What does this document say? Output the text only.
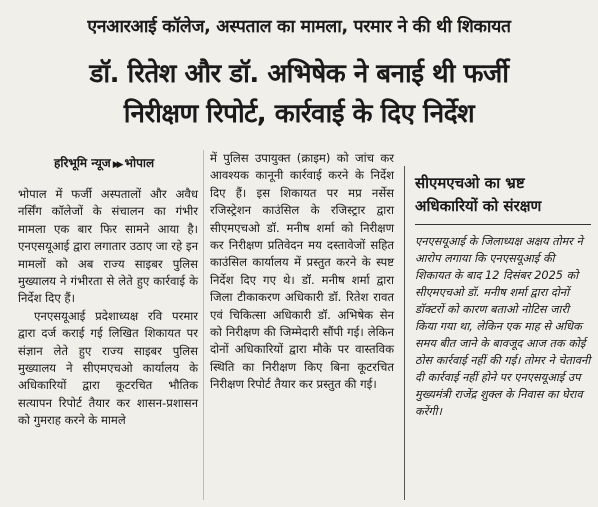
एनआरआई कॉलेज, अस्पताल का मामला, परमार ने की थी शिकायत
डॉ. रितेश और डॉ. अभिषेक ने बनाई थी फर्जी
निरीक्षण रिपोर्ट, कार्रवाई के दिए निर्देश
हरिभूमि न्यूज ▶▶ भोपाल

भोपाल में फर्जी अस्पतालों और अवैध नर्सिंग कॉलेजों के संचालन का गंभीर मामला एक बार फिर सामने आया है। एनएसयूआई द्वारा लगातार उठाए जा रहे इन मामलों को अब राज्य साइबर पुलिस मुख्यालय ने गंभीरता से लेते हुए कार्रवाई के निर्देश दिए हैं।

एनएसयूआई प्रदेशाध्यक्ष रवि परमार द्वारा दर्ज कराई गई लिखित शिकायत पर संज्ञान लेते हुए राज्य साइबर पुलिस मुख्यालय ने सीएमएचओ कार्यालय के अधिकारियों द्वारा कूटरचित भौतिक सत्यापन रिपोर्ट तैयार कर शासन-प्रशासन को गुमराह करने के मामले

में पुलिस उपायुक्त (क्राइम) को जांच कर आवश्यक कानूनी कार्रवाई करने के निर्देश दिए हैं। इस शिकायत पर मप्र नर्सेस रजिस्ट्रेशन काउंसिल के रजिस्ट्रार द्वारा सीएमएचओ डॉ. मनीष शर्मा को निरीक्षण कर निरीक्षण प्रतिवेदन मय दस्तावेजों सहित काउंसिल कार्यालय में प्रस्तुत करने के स्पष्ट निर्देश दिए गए थे। डॉ. मनीष शर्मा द्वारा जिला टीकाकरण अधिकारी डॉ. रितेश रावत एवं चिकित्सा अधिकारी डॉ. अभिषेक सेन को निरीक्षण की जिम्मेदारी सौंपी गई। लेकिन दोनों अधिकारियों द्वारा मौके पर वास्तविक स्थिति का निरीक्षण किए बिना कूटरचित निरीक्षण रिपोर्ट तैयार कर प्रस्तुत की गई।

सीएमएचओ का भ्रष्ट अधिकारियों को संरक्षण
एनएसयूआई के जिलाध्यक्ष अक्षय तोमर ने आरोप लगाया कि एनएसयूआई की शिकायत के बाद 12 दिसंबर 2025 को सीएमएचओ डॉ. मनीष शर्मा द्वारा दोनों डॉक्टरों को कारण बताओ नोटिस जारी किया गया था, लेकिन एक माह से अधिक समय बीत जाने के बावजूद आज तक कोई ठोस कार्रवाई नहीं की गई। तोमर ने चेतावनी दी कार्रवाई नहीं होने पर एनएसयूआई उप मुख्यमंत्री राजेंद्र शुक्ल के निवास का घेराव करेंगी।
